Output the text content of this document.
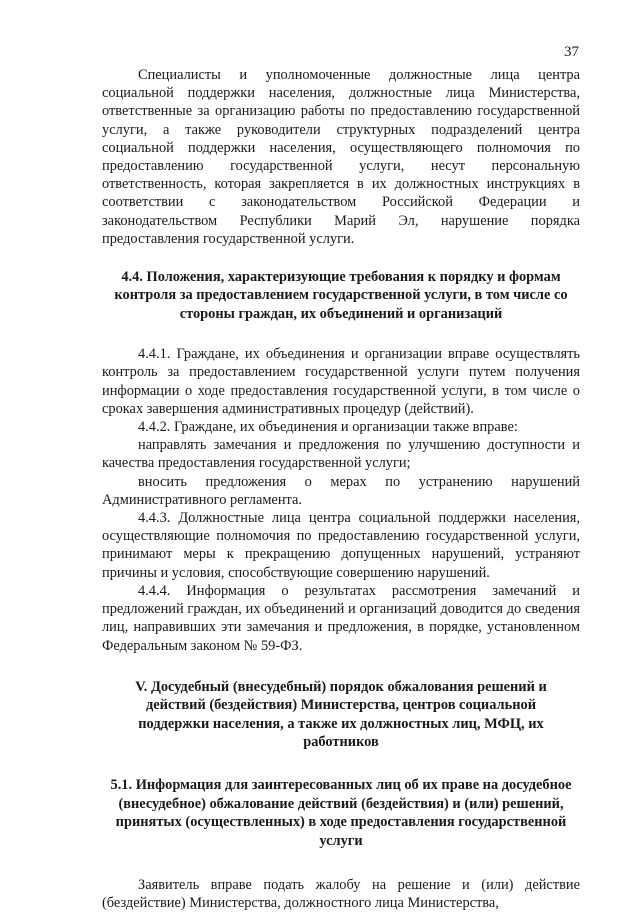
37

Специалисты и уполномоченные должностные лица центра социальной поддержки населения, должностные лица Министерства, ответственные за организацию работы по предоставлению государственной услуги, а также руководители структурных подразделений центра социальной поддержки населения, осуществляющего полномочия по предоставлению государственной услуги, несут персональную ответственность, которая закрепляется в их должностных инструкциях в соответствии с законодательством Российской Федерации и законодательством Республики Марий Эл, нарушение порядка предоставления государственной услуги.

4.4. Положения, характеризующие требования к порядку и формам контроля за предоставлением государственной услуги, в том числе со стороны граждан, их объединений и организаций

4.4.1. Граждане, их объединения и организации вправе осуществлять контроль за предоставлением государственной услуги путем получения информации о ходе предоставления государственной услуги, в том числе о сроках завершения административных процедур (действий).

4.4.2. Граждане, их объединения и организации также вправе:

направлять замечания и предложения по улучшению доступности и качества предоставления государственной услуги;

вносить предложения о мерах по устранению нарушений Административного регламента.

4.4.3. Должностные лица центра социальной поддержки населения, осуществляющие полномочия по предоставлению государственной услуги, принимают меры к прекращению допущенных нарушений, устраняют причины и условия, способствующие совершению нарушений.

4.4.4. Информация о результатах рассмотрения замечаний и предложений граждан, их объединений и организаций доводится до сведения лиц, направивших эти замечания и предложения, в порядке, установленном Федеральным законом № 59-ФЗ.

V. Досудебный (внесудебный) порядок обжалования решений и действий (бездействия) Министерства, центров социальной поддержки населения, а также их должностных лиц, МФЦ, их работников
5.1. Информация для заинтересованных лиц об их праве на досудебное (внесудебное) обжалование действий (бездействия) и (или) решений, принятых (осуществленных) в ходе предоставления государственной услуги

Заявитель вправе подать жалобу на решение и (или) действие (бездействие) Министерства, должностного лица Министерства,
